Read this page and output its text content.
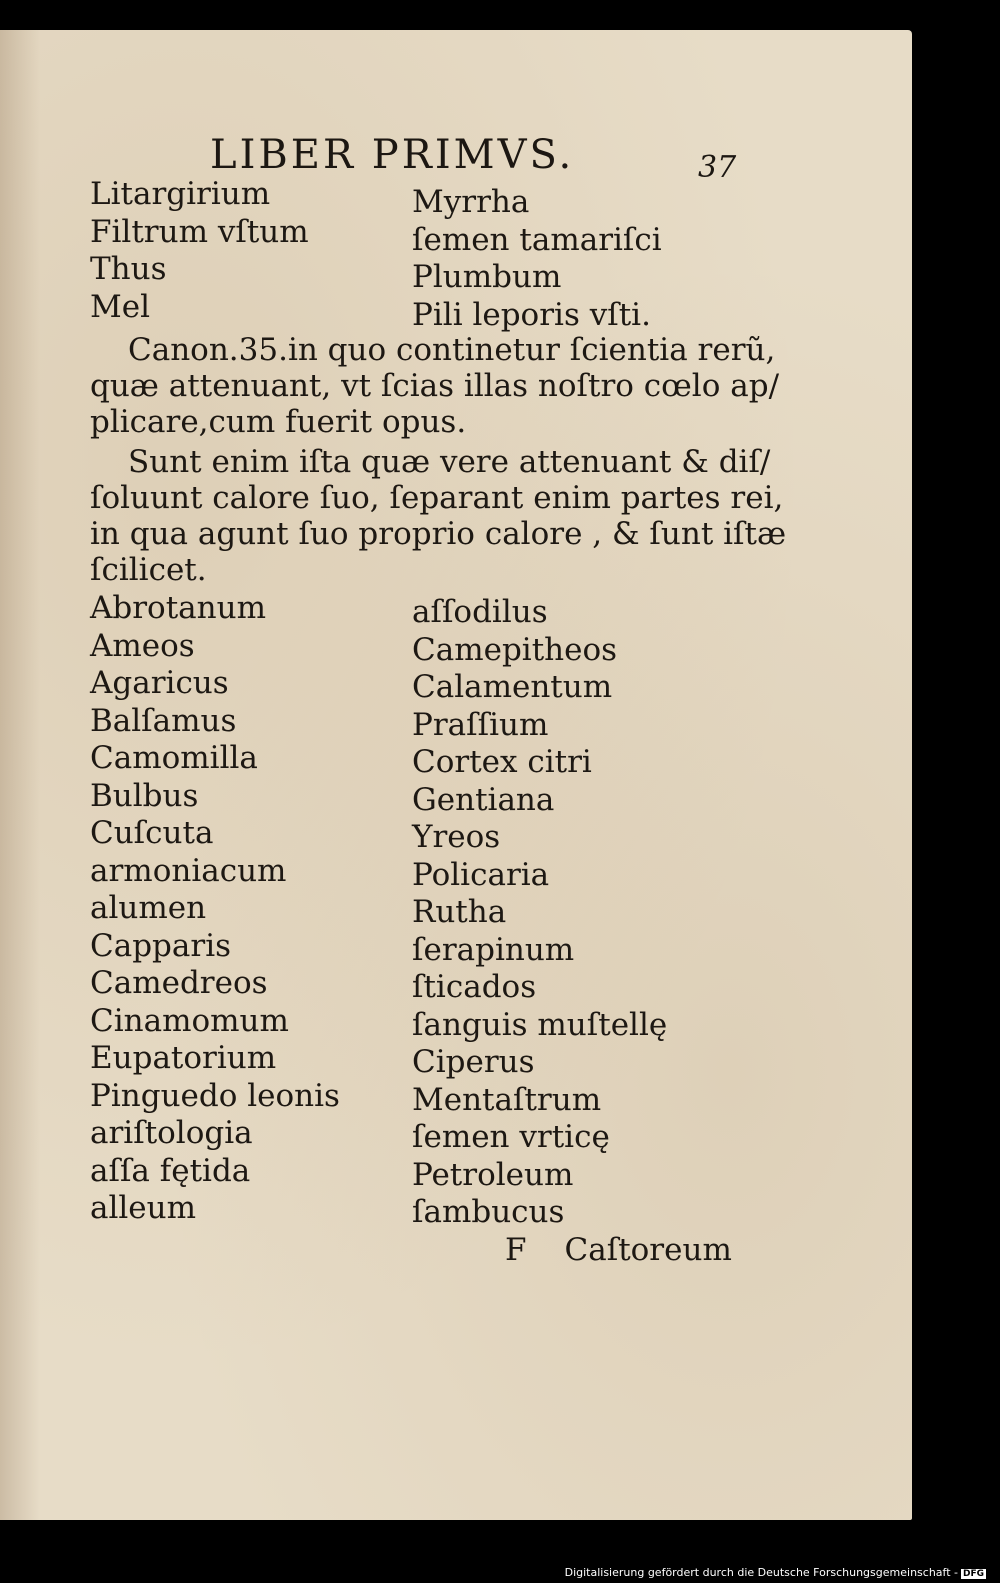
LIBER PRIMVS.	37
Litargirium
Filtrum vſtum
Thus
Mel
Myrrha
ſemen tamariſci
Plumbum
Pili leporis vſti.
Canon.35.in quo continetur ſcientia rerũ,
quæ attenuant, vt ſcias illas noſtro cœlo ap/
plicare,cum fuerit opus.
Sunt enim iſta quæ vere attenuant & diſ/
ſoluunt calore ſuo, ſeparant enim partes rei,
in qua agunt ſuo proprio calore , & ſunt iſtæ
ſcilicet.
Abrotanum
Ameos
Agaricus
Balſamus
Camomilla
Bulbus
Cuſcuta
armoniacum
alumen
Capparis
Camedreos
Cinamomum
Eupatorium
Pinguedo leonis
ariſtologia
aſſa fętida
alleum
aſſodilus
Camepitheos
Calamentum
Praſſium
Cortex citri
Gentiana
Yreos
Policaria
Rutha
ſerapinum
ſticados
ſanguis muſtellę
Ciperus
Mentaſtrum
ſemen vrticę
Petroleum
ſambucus
F Caſtoreum
Digitalisierung gefördert durch die Deutsche Forschungsgemeinschaft - DFG
